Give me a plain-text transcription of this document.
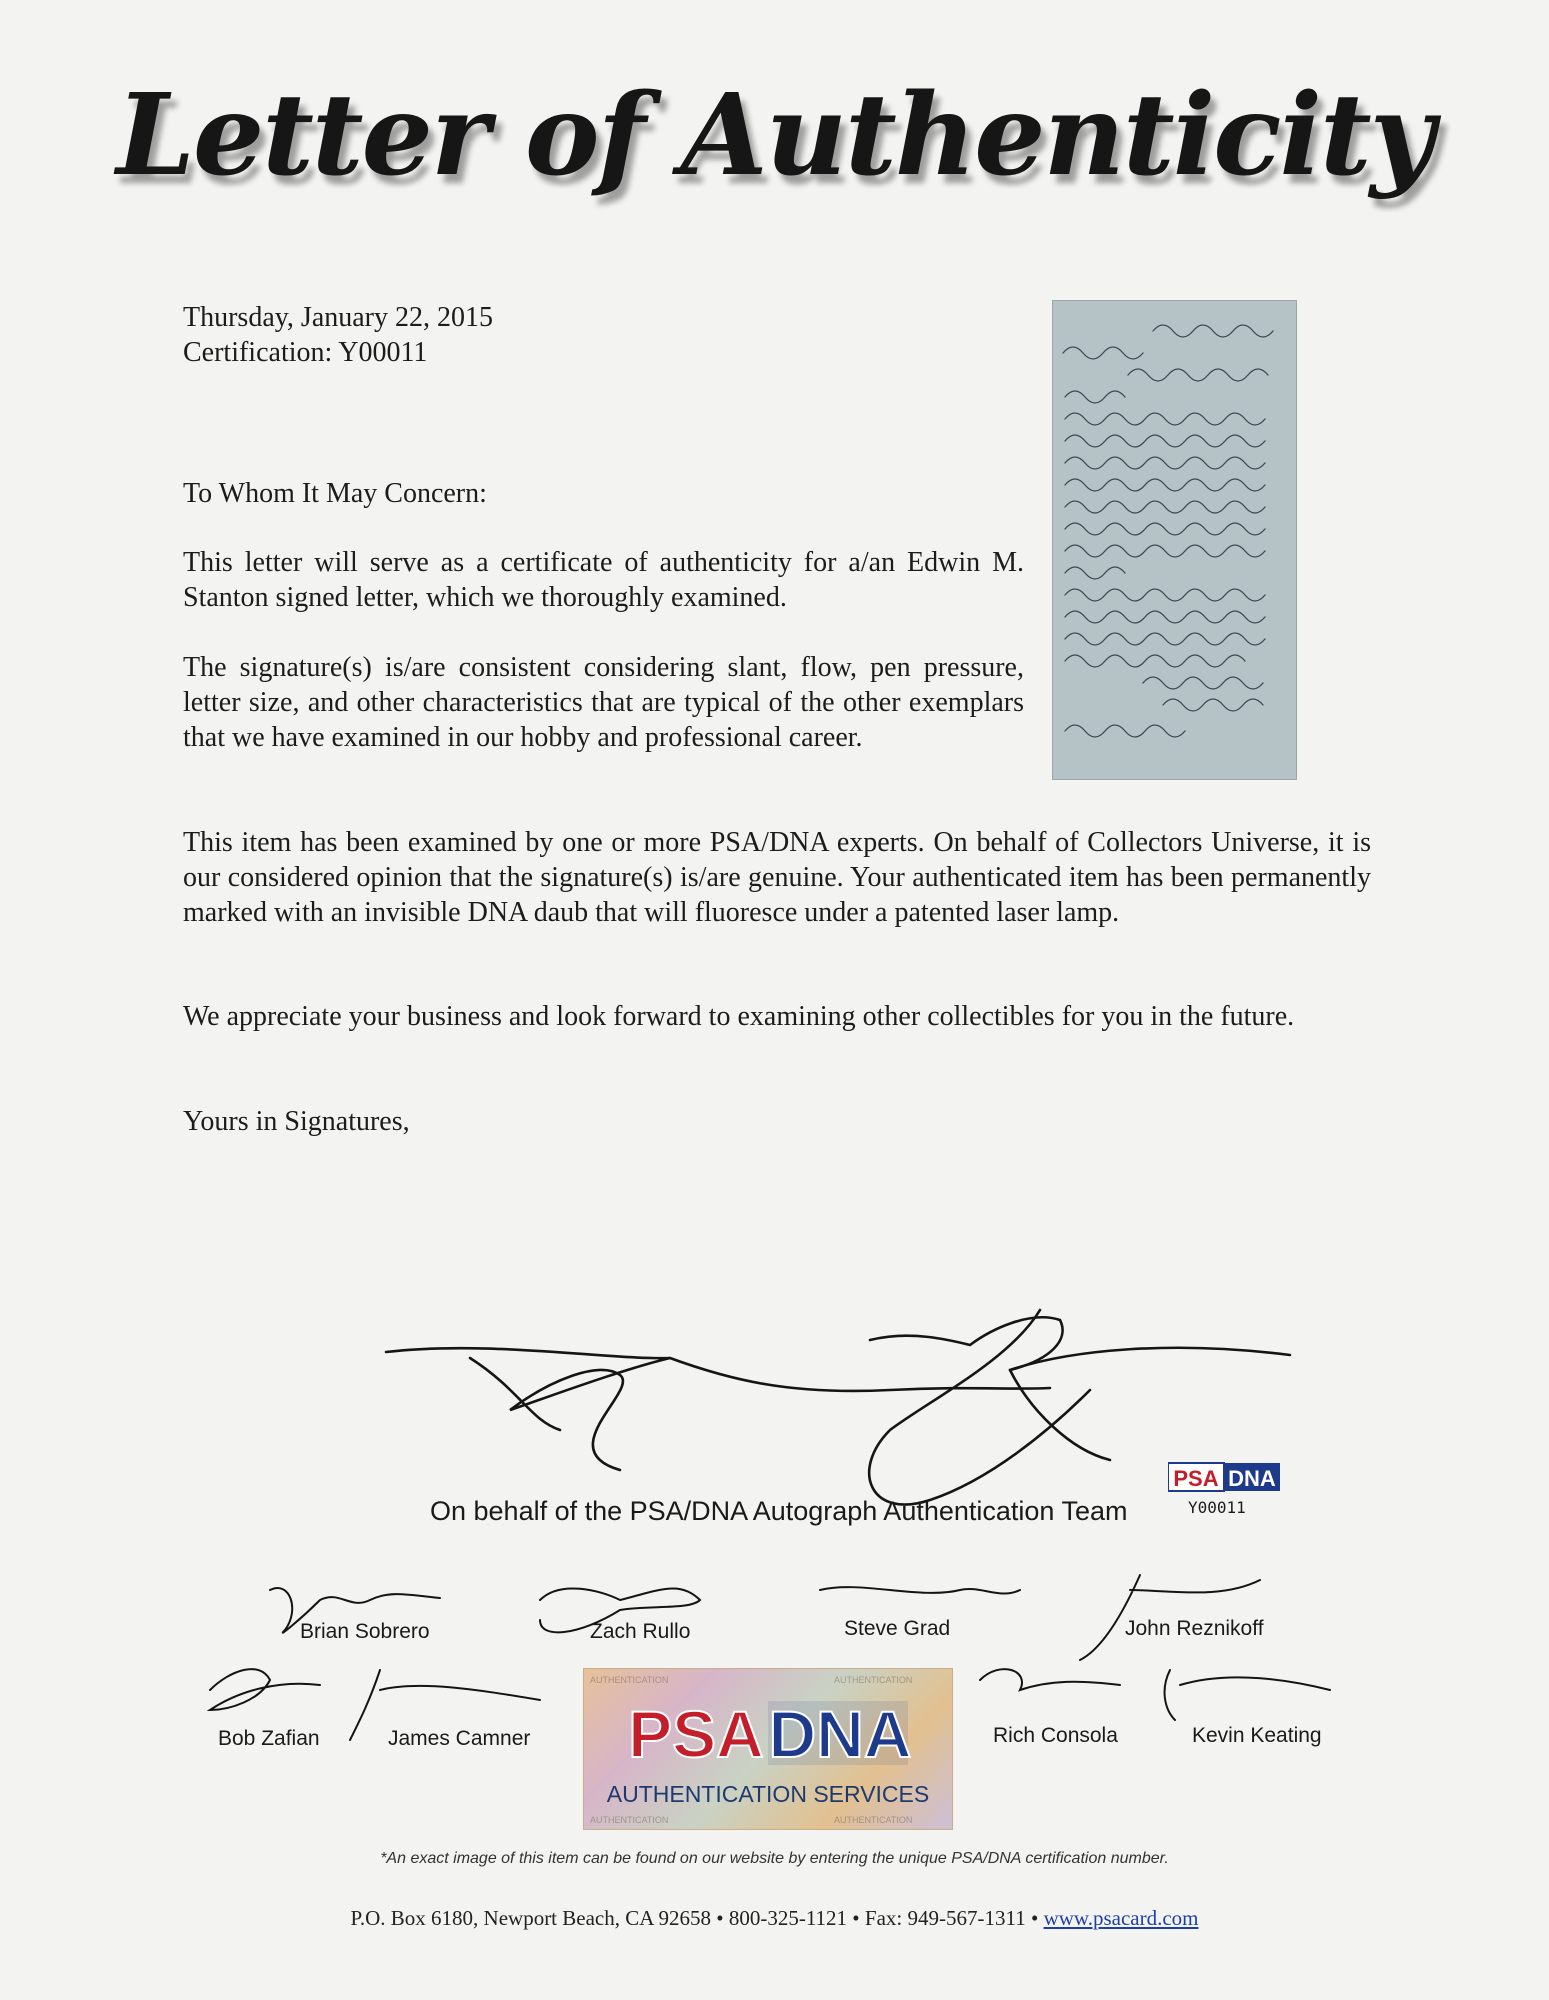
Letter of Authenticity
Thursday, January 22, 2015
Certification: Y00011
To Whom It May Concern:
This letter will serve as a certificate of authenticity for a/an Edwin M. Stanton signed letter, which we thoroughly examined.
The signature(s) is/are consistent considering slant, flow, pen pressure, letter size, and other characteristics that are typical of the other exemplars that we have examined in our hobby and professional career.
This item has been examined by one or more PSA/DNA experts. On behalf of Collectors Universe, it is our considered opinion that the signature(s) is/are genuine. Your authenticated item has been permanently marked with an invisible DNA daub that will fluoresce under a patented laser lamp.
We appreciate your business and look forward to examining other collectibles for you in the future.
Yours in Signatures,
On behalf of the PSA/DNA Autograph Authentication Team
PSA DNA
Y00011
Brian Sobrero	Zach Rullo	Steve Grad	John Reznikoff
Bob Zafian	James Camner	Rich Consola	Kevin Keating
AUTHENTICATION	AUTHENTICATION
AUTHENTICATION	AUTHENTICATION
PSA DNA
AUTHENTICATION SERVICES
*An exact image of this item can be found on our website by entering the unique PSA/DNA certification number.
P.O. Box 6180, Newport Beach, CA 92658 • 800-325-1121 • Fax: 949-567-1311 • www.psacard.com
